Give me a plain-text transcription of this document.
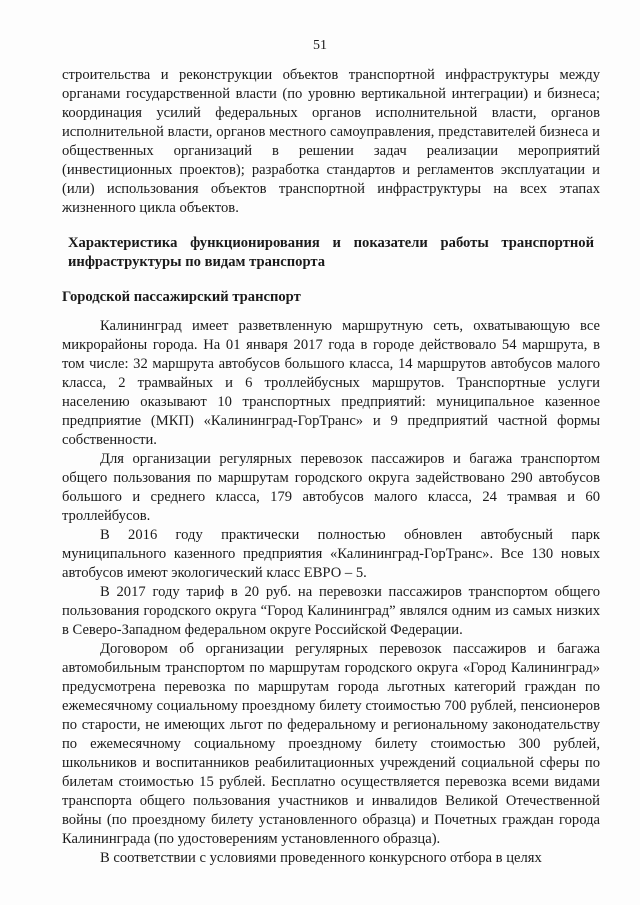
51

строительства и реконструкции объектов транспортной инфраструктуры между органами государственной власти (по уровню вертикальной интеграции) и бизнеса; координация усилий федеральных органов исполнительной власти, органов исполнительной власти, органов местного самоуправления, представителей бизнеса и общественных организаций в решении задач реализации мероприятий (инвестиционных проектов); разработка стандартов и регламентов эксплуатации и (или) использования объектов транспортной инфраструктуры на всех этапах жизненного цикла объектов.

Характеристика функционирования и показатели работы транспортной инфраструктуры по видам транспорта

Городской пассажирский транспорт

Калининград имеет разветвленную маршрутную сеть, охватывающую все микрорайоны города. На 01 января 2017 года в городе действовало 54 маршрута, в том числе: 32 маршрута автобусов большого класса, 14 маршрутов автобусов малого класса, 2 трамвайных и 6 троллейбусных маршрутов. Транспортные услуги населению оказывают 10 транспортных предприятий: муниципальное казенное предприятие (МКП) «Калининград-ГорТранс» и 9 предприятий частной формы собственности.

Для организации регулярных перевозок пассажиров и багажа транспортом общего пользования по маршрутам городского округа задействовано 290 автобусов большого и среднего класса, 179 автобусов малого класса, 24 трамвая и 60 троллейбусов.

В 2016 году практически полностью обновлен автобусный парк муниципального казенного предприятия «Калининград-ГорТранс». Все 130 новых автобусов имеют экологический класс ЕВРО – 5.

В 2017 году тариф в 20 руб. на перевозки пассажиров транспортом общего пользования городского округа “Город Калининград” являлся одним из самых низких в Северо-Западном федеральном округе Российской Федерации.

Договором об организации регулярных перевозок пассажиров и багажа автомобильным транспортом по маршрутам городского округа «Город Калининград» предусмотрена перевозка по маршрутам города льготных категорий граждан по ежемесячному социальному проездному билету стоимостью 700 рублей, пенсионеров по старости, не имеющих льгот по федеральному и региональному законодательству по ежемесячному социальному проездному билету стоимостью 300 рублей, школьников и воспитанников реабилитационных учреждений социальной сферы по билетам стоимостью 15 рублей. Бесплатно осуществляется перевозка всеми видами транспорта общего пользования участников и инвалидов Великой Отечественной войны (по проездному билету установленного образца) и Почетных граждан города Калининграда (по удостоверениям установленного образца).

В соответствии с условиями проведенного конкурсного отбора в целях
